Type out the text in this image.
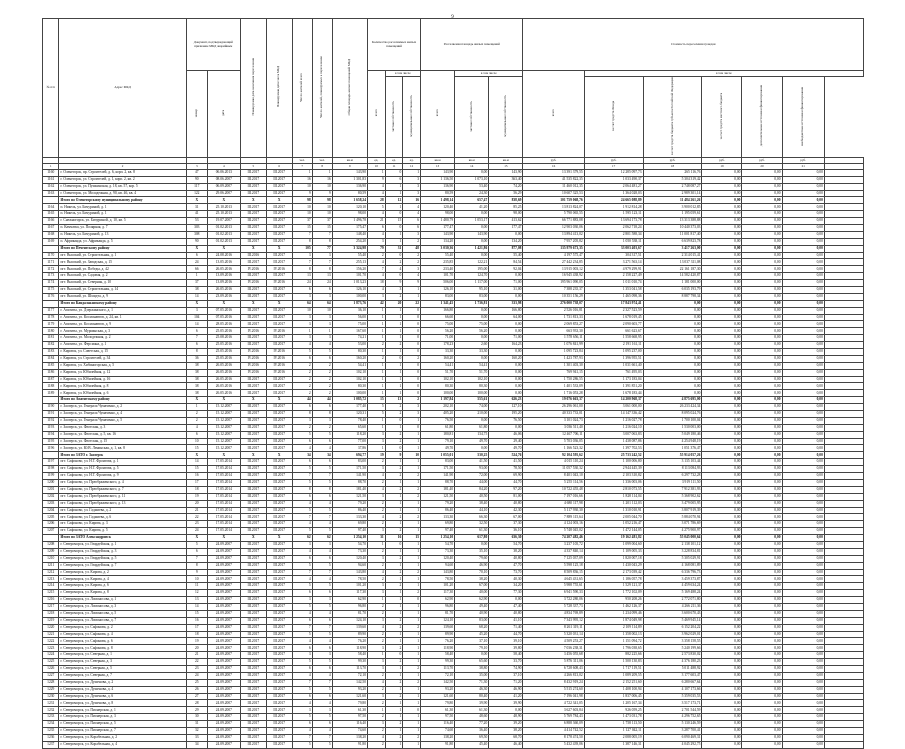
9
№ п/п	Адрес МКД	Документ, подтверждающий признание МКД аварийным		Планируемая дата окончания переселения	Планируемая дата сноса МКД	Число жителей всего	Число жителей, планируемых к переселению	Общая площадь жилых помещений МКД	Количество расселяемых жилых помещений			Расселяемая площадь жилых помещений			Стоимость переселения граждан						

		номер	дата						всего	в том числе		всего	в том числе		всего	в том числе					

										частная собственность	муниципальная собственность		частная собственность	муниципальная собственность		за счет средств Фонда	за счет средств бюджета субъекта Российской Федерации	за счет средств местного бюджета	дополнительные источники финансирования	внебюджетные источники финансирования	
						чел.	чел.	кв.м	ед.	ед.	ед.	кв.м	кв.м	кв.м	руб.	руб.	руб.	руб.	руб.	руб.	
1	2	3	4	5	6	7	8	9	10	11	12	13	14	15	16	17	18	19	20	21	
1160	г. Оленегорск, пр. Строителей, д. 6, корп. 2, кв. 8	47	06.06.2013	III.2017	III.2017	1	1	143,90	1	0	1	143,90	0,00	143,90	13 391 379,55	12 285 097,73	265 116,76	0,00	0,00	0,00	
1161	г. Оленегорск, ул. Строителей, д. 1, корп. 2, кв. 2	90	08.06.2007	III.2017	III.2017	16	16	1 301,83	9	6	3	1 136,50	1 073,10	363,40	41 535 822,35	1 033 490,37	5 304 319,42	0,00	0,00	0,00	
1162	г. Оленегорск, ул. Пушкинская, д. 18, кв. 57, кор. 5	117	06.09.2007	III.2017	III.2017	10	10	136,90	4	1	3	136,90	53,40	74,20	11 460 012,35	2 064 481,27	2 748 087,27	0,00	0,00	0,00	
1163	г. Оленегорск, ул. Молодежная, д. 90, кв. 46, кв. 4	122	29.06.2007	III.2017	III.2017	9	9	80,59	4	1	3	80,59	24,30	56,29	10 607 325,53	1 364 028,03	2 989 301,14	0,00	0,00	0,00	
	Итого по Оленегорскому муниципальному району	X	X	X	X	98	98	1 658,24	28	12	16	1 498,14	657,47	838,69	101 759 068,76	24 665 088,89	11 484 261,26	0,00	0,00	0,00	
1164	п. Никель, ул. Бичуриной, д. 1	31	25.10.2013	III.2017	III.2017	10	10	120,10	5	1	4	120,40	41,20	85,25	13 813 824,07	1 912 814,28	3 900 012,85	0,00	0,00	0,00	
1165	п. Никель, ул. Бичуриной, д. 1	41	25.10.2013	III.2017	III.2017	10	10	98,00	4	0	4	98,00	0,00	98,00	5 790 065,55	1 595 123,11	1 195 059,61	0,00	0,00	0,00	
1166	г. Снежногорск, ул. Бичуриной, д. 10, кв. 5	53	19.07.2007	III.2017	III.2017	37	37	1 496,78	21	15	6	1 480,79	1 053,17	413,62	66 771 883,08	13 694 173,78	13 313 388,88	0,00	0,00	0,00	
1167	п. Камчатка, ул. Полярная, д. 7	303	01.02.2013	III.2017	III.2017	15	15	175,47	6	0	6	177,47	0,00	177,47	12 903 030,06	2 062 718,24	10 440 373,03	0,00	0,00	0,00	
1168	п. Никель, ул. Бичуриной, д. 13	308	01.02.2013	III.2017	III.2017	7	7	148,40	4	1	3	143,90	143,90	0,00	13 894 413,02	2 801 588,34	11 001 817,40	0,00	0,00	0,00	
1169	п. Африканда, ул. Африканда, д. 5	90	01.02.2013	III.2017	III.2017	8	8	254,20	3	1	2	134,20	0,00	134,20	7 957 205,82	1 050 538,11	6 639 823,78	0,00	0,00	0,00	
	Итого по Печенгскому району	X	X	X	X	105	77	3 324,98	79	31	48	3 030,36	1 421,86	877,08	135 979 673,35	33 003 403,67	3 417 263,00	0,00	0,00	0,00	
1170	пгт. Высокий, ул. Строительная, д. 1	6	24.08.2016	III.2016	III.2017	3	3	55,40	2	0	2	55,40	0,00	55,40	4 197 575,47	304 317,51	2 314 015,41	0,00	0,00	0,00	
1171	пгт. Высокий, ул. Заводская, д. 15	24	13.05.2016	III.2017	III.2017	7	7	255,13	4	2	2	235,85	122,21	84,54	27 442 234,85	3 271 563,14	13 037 311,08	0,00	0,00	0,00	
1172	пгт. Высокий, ул. Победы, д. 42	66	26.05.2016	IV.2016	IV.2016	8	8	156,20	7	4	3	233,40	195,00	92,04	13 915 003,12	4 979 299,91	22 161 187,30	0,00	0,00	0,00	
1173	пгт. Высокий, ул. Садовая, д. 2	1	13.09.2016	III.2017	III.2017	13	13	101,70	4	0	4	101,70	124,70	0,00	16 945 438,92	2 158 227,49	14 582 420,87	0,00	0,00	0,00	
1174	пгт. Высокий, ул. Северная, д. 10	37	13.09.2016	IV.2016	IV.2016	24	24	1 013,23	18	9	9	506,00	1 117,00	71,00	195 961 090,05	1 011 010,74	1 181 000,00	0,00	0,00	0,00	
1175	пгт. Высокий, ул. Строительная, д. 14	38	26.05.2016	III.2017	III.2017	6	6	126,10	4	3	1	126,10	95,10	31,00	7 388 235,37	1 353 041,58	6 035 193,79	0,00	0,00	0,00	
1176	пгт. Высокий, ул. Шмидта, д. 9	14	23.09.2016	III.2017	III.2017	3	3	100,00	3	2	1	83,00	83,00	0,00	10 351 156,29	1 465 098,36	8 887 798,34	0,00	0,00	0,00	
	Итого по Кандалакшскому району	X	X	X	X	64	64	1 873,76	42	20	22	1 341,45	1 736,81	333,98	276 000 738,07	17 843 974,41	0,00	0,00	0,00	0,00	
1177	г. Апатиты, ул. Дзержинского, д. 1	3	07.05.2016	III.2017	III.2017	10	10	36,10	1	1	0	166,80	0,00	166,80	2 526 016,81	2 327 523,59	0,00	0,00	0,00	0,00	
1178	г. Апатиты, ул. Космонавтов, д. 24, кв. 1	104	07.05.2016	III.2017	III.2017	3	3	56,00	1	1	0	66,60	0,00	64,00	1 731 813,33	1 678 019,45	0,00	0,00	0,00	0,00	
1179	г. Апатиты, ул. Космонавтов, д. 9	14	28.05.2016	III.2017	III.2017	3	3	75,00	1	1	0	75,00	75,00	0,00	2 069 853,27	2 090 603,77	0,00	0,00	0,00	0,00	
1180	г. Апатиты, ул. Мурманская, д. 3	6	25.05.2016	IV.2016	IV.2016	1	1	167,60	1	1	0	56,20	56,20	0,00	663 933,30	661 623,67	0,00	0,00	0,00	0,00	
1181	г. Апатиты, ул. Молодежная, д. 2	7	25.08.2016	III.2017	III.2017	3	3	74,21	1	1	0	71,00	0,00	71,00	1 578 656,11	1 558 668,95	0,00	0,00	0,00	0,00	
1182	г. Апатиты, ул. Ферсмана, д. 1	6	25.05.2016	III.2017	III.2017	4	4	53,00	2	2	0	178,23	2,60	164,23	1 076 841,99	2 191 161,11	0,00	0,00	0,00	0,00	
1183	г. Кировск, ул. Советская, д. 15	8	25.05.2016	IV.2016	IV.2016	5	5	80,30	1	1	0	33,30	33,30	0,00	1 095 723,84	1 095 237,00	0,00	0,00	0,00	0,00	
1184	г. Кировск, ул. Строителей, д. 34	36	25.05.2016	IV.2016	IV.2016	6	6	160,20	2	0	2	160,20	0,00	160,20	1 423 787,93	1 396 955,51	0,00	0,00	0,00	0,00	
1185	г. Кировск, ул. Хибиногорская, д. 5	38	26.05.2016	IV.2016	IV.2016	2	2	54,41	1	1	0	54,41	54,41	0,00	1 301 403,30	1 031 661,40	0,00	0,00	0,00	0,00	
1186	г. Кировск, ул. Юбилейная, д. 12	38	26.05.2016	IV.2016	IV.2016	2	2	102,10	1	1	0	51,70	51,70	0,00	769 941,15	761 495,03	0,00	0,00	0,00	0,00	
1187	г. Кировск, ул. Юбилейная, д. 16	38	26.05.2016	III.2017	III.2017	2	2	102,10	1	1	0	102,10	102,10	0,00	1 750 286,55	1 173 183,04	0,00	0,00	0,00	0,00	
1188	г. Кировск, ул. Юбилейная, д. 8	38	26.05.2016	III.2017	III.2017	2	2	80,30	1	1	0	80,30	80,30	0,00	1 401 533,09	1 391 851,20	0,00	0,00	0,00	0,00	
1189	г. Кировск, ул. Юбилейная, д. 6	38	26.05.2016	III.2017	III.2017	2	2	100,00	1	1	0	100,00	100,00	0,00	1 716 053,28	1 678 183,44	0,00	0,00	0,00	0,00	
	Итого по Апатитскому району	X	X	X	X	44	44	1 085,72	15	13	2	1 197,84	555,61	626,23	19 076 663,37	14 200 968,37	4 875 695,00	0,00	0,00	0,00	
1190	г. Заозерск, ул. Генерала Чумаченко, д. 2	1	15.12.2007	III.2017	III.2017	6	6	177,40	5	2	3	202,10	74,00	127,10	26 296 061,00	3 061 000,00	26 233 424,34	0,00	0,00	0,00	
1191	г. Заозерск, ул. Генерала Чумаченко, д. 4	2	15.12.2007	III.2017	III.2017	8	8	120,31	5	2	3	405,20	210,00	195,20	40 333 733,01	14 147 336,42	8 095 024,76	0,00	0,00	0,00	
1192	г. Заозерск, ул. Генерала Чумаченко, д. 5	2	15.12.2007	III.2017	III.2017	3	3	78,40	1	0	1	76,50	0,00	76,50	3 101 024,73	1 216 027,78	1 700 100,04	0,00	0,00	0,00	
1193	г. Заозерск, ул. Флотская, д. 3	4	15.12.2007	III.2017	III.2017	2	2	65,60	1	1	0	61,80	61,80	0,00	3 036 511,40	1 216 024,10	1 530 003,00	0,00	0,00	0,00	
1194	г. Заозерск, ул. Флотская, д. 5, кв. 16	6	15.12.2007	III.2017	III.2017	5	5	118,20	3	2	1	180,81	134,75	46,06	12 467 706,11	3 007 063,83	5 049 180,46	0,00	0,00	0,00	
1195	г. Заозерск, ул. Флотская, д. 15	10	15.12.2007	III.2017	III.2017	6	6	77,00	3	2	1	79,10	49,70	29,40	5 703 036,05	1 438 087,86	4 254 948,19	0,00	0,00	0,00	
1196	г. Заозерск, ул. Ю.В. Ленинская, д. 1, кв. 8	15	15.12.2007	III.2017	III.2017	4	4	37,86	1	0	1	49,70	0,00	49,70	1 166 523,32	1 397 702,53	1 051 376,47	0,00	0,00	0,00	
	Итого по ЗАТО г. Заозерск	X	X	X	X	34	34	694,77	19	9	10	1 055,01	530,25	524,76	92 104 595,62	25 733 242,52	55 914 057,26	0,00	0,00	0,00	
1197	пгт. Сафоново, ул. Н.Т. Фронтова, д. 1	14	17.05.2014	III.2017	III.2017	6	6	83,00	2	1	1	83,00	41,50	41,50	4 015 110,24	1 100 006,80	3 135 103,44	0,00	0,00	0,00	
1198	пгт. Сафоново, ул. Н.Т. Фронтова, д. 5	15	17.05.2014	III.2017	III.2017	5	5	171,50	3	2	1	171,50	93,00	78,50	11 057 530,32	2 944 445,39	8 113 084,93	0,00	0,00	0,00	
1199	пгт. Сафоново, ул. Н.Т. Фронтова, д. 9	16	17.05.2014	III.2017	III.2017	7	7	141,90	4	2	2	141,90	72,00	69,90	8 401 043,10	2 103 310,82	6 297 732,28	0,00	0,00	0,00	
1200	пгт. Сафоново, ул. Преображенского, д. 4	17	17.05.2014	III.2017	III.2017	5	5	88,70	2	1	1	88,70	44,00	44,70	5 255 114,56	1 336 003,06	3 919 111,50	0,00	0,00	0,00	
1201	пгт. Сафоново, ул. Преображенского, д. 7	18	17.05.2014	III.2017	III.2017	8	8	181,40	4	2	2	181,40	84,20	97,20	10 722 455,48	2 810 073,55	7 912 381,93	0,00	0,00	0,00	
1202	пгт. Сафоново, ул. Преображенского, д. 11	19	17.05.2014	III.2017	III.2017	6	6	121,50	3	1	2	121,50	40,50	81,00	7 197 016,66	1 828 114,04	5 368 902,62	0,00	0,00	0,00	
1203	пгт. Сафоново, ул. Преображенского, д. 13	20	17.05.2014	III.2017	III.2017	4	4	79,20	2	1	1	79,20	38,40	40,80	4 680 117,98	1 201 112,03	3 479 005,95	0,00	0,00	0,00	
1204	пгт. Сафоново, ул. Гаджиева, д. 2	21	17.05.2014	III.2017	III.2017	5	5	86,40	2	1	1	86,40	44,10	42,30	5 117 930,30	1 310 010,91	3 807 919,39	0,00	0,00	0,00	
1205	пгт. Сафоново, ул. Гаджиева, д. 6	22	17.05.2014	III.2017	III.2017	7	7	133,30	4	2	2	133,30	66,30	67,00	7 889 115,64	2 005 044,70	5 884 070,94	0,00	0,00	0,00	
1206	пгт. Сафоново, ул. Кирова, д. 3	23	17.05.2014	III.2017	III.2017	4	4	69,80	2	1	1	69,80	32,50	37,30	4 124 003,16	1 052 216,47	3 071 786,69	0,00	0,00	0,00	
1207	пгт. Сафоново, ул. Кирова, д. 5	24	17.05.2014	III.2017	III.2017	5	5	97,40	3	2	1	97,40	61,30	36,10	5 748 045,02	1 472 144,05	4 275 900,97	0,00	0,00	0,00	
	Итого по ЗАТО Александровск	X	X	X	X	62	62	1 254,10	31	16	15	1 254,10	617,80	636,30	74 207 482,46	19 162 481,82	55 045 000,64	0,00	0,00	0,00	
1208	г. Североморск, ул. Гвардейская, д. 1	5	24.09.2007	III.2017	III.2017	3	3	54,70	1	0	1	54,70	0,00	54,70	3 237 105,72	1 099 004,60	2 138 101,12	0,00	0,00	0,00	
1209	г. Североморск, ул. Гвардейская, д. 3	6	24.09.2007	III.2017	III.2017	4	4	73,30	2	1	1	73,30	35,10	38,20	4 337 840,14	1 109 005,33	3 228 834,81	0,00	0,00	0,00	
1210	г. Североморск, ул. Гвардейская, д. 5	7	24.09.2007	III.2017	III.2017	6	6	120,40	3	2	1	120,40	79,60	40,80	7 125 037,09	1 820 007,18	5 305 029,91	0,00	0,00	0,00	
1211	г. Североморск, ул. Гвардейская, д. 7	8	24.09.2007	III.2017	III.2017	5	5	94,60	2	1	1	94,60	46,90	47,70	5 598 125,18	1 430 043,29	4 168 081,89	0,00	0,00	0,00	
1212	г. Североморск, ул. Кирова, д. 2	9	24.09.2007	III.2017	III.2017	7	7	143,80	4	2	2	143,80	70,10	73,70	8 509 836,15	2 173 039,42	6 336 796,73	0,00	0,00	0,00	
1213	г. Североморск, ул. Кирова, д. 4	10	24.09.2007	III.2017	III.2017	4	4	78,50	2	1	1	78,50	38,20	40,30	4 645 431,65	1 186 057,78	3 459 373,87	0,00	0,00	0,00	
1214	г. Североморск, ул. Кирова, д. 6	11	24.09.2007	III.2017	III.2017	5	5	101,20	3	2	1	101,20	67,00	34,20	5 988 755,61	1 529 121,37	4 459 634,24	0,00	0,00	0,00	
1215	г. Североморск, ул. Кирова, д. 8	12	24.09.2007	III.2017	III.2017	6	6	117,30	3	1	2	117,30	40,00	77,30	6 941 590,33	1 772 102,09	5 169 488,24	0,00	0,00	0,00	
1216	г. Североморск, ул. Ломоносова, д. 1	13	24.09.2007	III.2017	III.2017	3	3	62,90	1	1	0	62,90	62,90	0,00	3 722 280,06	950 208,26	2 772 071,80	0,00	0,00	0,00	
1217	г. Североморск, ул. Ломоносова, д. 3	14	24.09.2007	III.2017	III.2017	5	5	96,80	2	1	1	96,80	49,40	47,40	5 728 337,73	1 462 126,37	4 266 211,36	0,00	0,00	0,00	
1218	г. Североморск, ул. Ломоносова, д. 5	15	24.09.2007	III.2017	III.2017	4	4	81,70	2	1	1	81,70	40,90	40,80	4 834 769,89	1 234 099,46	3 600 670,43	0,00	0,00	0,00	
1219	г. Североморск, ул. Ломоносова, д. 7	16	24.09.2007	III.2017	III.2017	6	6	124,10	3	2	1	124,10	83,00	41,10	7 343 995,12	1 874 049,98	5 469 945,14	0,00	0,00	0,00	
1220	г. Североморск, ул. Сафонова, д. 2	17	24.09.2007	III.2017	III.2017	7	7	139,60	4	2	2	139,60	68,20	71,40	8 261 319,11	2 109 114,89	6 152 204,22	0,00	0,00	0,00	
1221	г. Североморск, ул. Сафонова, д. 4	18	24.09.2007	III.2017	III.2017	5	5	89,90	2	1	1	89,90	45,20	44,70	5 320 031,14	1 358 002,13	3 962 029,01	0,00	0,00	0,00	
1222	г. Североморск, ул. Сафонова, д. 6	19	24.09.2007	III.2017	III.2017	4	4	76,20	2	1	1	76,20	37,10	39,10	4 509 253,27	1 151 094,72	3 358 158,55	0,00	0,00	0,00	
1223	г. Североморск, ул. Сафонова, д. 8	20	24.09.2007	III.2017	III.2017	6	6	118,90	3	2	1	118,90	79,10	39,80	7 036 238,31	1 796 038,65	5 240 199,66	0,00	0,00	0,00	
1224	г. Североморск, ул. Северная, д. 1	21	24.09.2007	III.2017	III.2017	3	3	58,40	1	0	1	58,40	0,00	58,40	3 456 055,68	882 225,66	2 573 830,02	0,00	0,00	0,00	
1225	г. Североморск, ул. Северная, д. 3	22	24.09.2007	III.2017	III.2017	5	5	99,30	3	2	1	99,30	65,60	33,70	5 876 311,06	1 500 130,83	4 376 180,23	0,00	0,00	0,00	
1226	г. Североморск, ул. Северная, д. 5	23	24.09.2007	III.2017	III.2017	6	6	113,70	3	1	2	113,70	38,80	74,90	6 728 608,43	1 717 119,51	5 011 488,92	0,00	0,00	0,00	
1227	г. Североморск, ул. Северная, д. 7	24	24.09.2007	III.2017	III.2017	4	4	72,10	2	1	1	72,10	35,00	37,10	4 266 813,02	1 089 209,55	3 177 603,47	0,00	0,00	0,00	
1228	г. Североморск, ул. Душенова, д. 2	25	24.09.2007	III.2017	III.2017	7	7	142,50	4	2	2	142,50	71,30	71,20	8 432 919,24	2 152 251,60	6 280 667,64	0,00	0,00	0,00	
1229	г. Североморск, ул. Душенова, д. 4	26	24.09.2007	III.2017	III.2017	5	5	93,20	2	1	1	93,20	46,30	46,90	5 515 274,60	1 408 100,94	4 107 173,66	0,00	0,00	0,00	
1230	г. Североморск, ул. Душенова, д. 6	27	24.09.2007	III.2017	III.2017	6	6	121,60	3	2	1	121,60	80,40	41,20	7 196 041,98	1 837 006,45	5 359 035,53	0,00	0,00	0,00	
1231	г. Североморск, ул. Душенова, д. 8	28	24.09.2007	III.2017	III.2017	4	4	79,80	2	1	1	79,80	39,90	39,90	4 722 341,05	1 205 167,34	3 517 173,71	0,00	0,00	0,00	
1232	г. Североморск, ул. Пионерская, д. 1	29	24.09.2007	III.2017	III.2017	3	3	61,30	1	1	0	61,30	61,30	0,00	3 627 603,84	926 059,25	2 701 544,59	0,00	0,00	0,00	
1233	г. Североморск, ул. Пионерская, д. 3	30	24.09.2007	III.2017	III.2017	5	5	97,50	2	1	1	97,50	48,60	48,90	5 769 784,43	1 473 031,78	4 296 752,65	0,00	0,00	0,00	
1234	г. Североморск, ул. Пионерская, д. 5	31	24.09.2007	III.2017	III.2017	6	6	116,40	3	2	1	116,40	77,20	39,20	6 888 360,09	1 758 113,50	5 130 246,59	0,00	0,00	0,00	
1235	г. Североморск, ул. Пионерская, д. 7	32	24.09.2007	III.2017	III.2017	4	4	74,60	2	1	1	74,60	36,40	38,20	4 414 742,52	1 127 042,11	3 287 700,41	0,00	0,00	0,00	
1236	г. Североморск, ул. Корабельная, д. 2	33	24.09.2007	III.2017	III.2017	7	7	138,20	4	2	2	138,20	69,50	68,70	8 178 474,50	2 088 005,19	6 090 469,31	0,00	0,00	0,00	
1237	г. Североморск, ул. Корабельная, д. 4	34	24.09.2007	III.2017	III.2017	5	5	91,80	2	1	1	91,80	45,40	46,40	5 432 439,06	1 387 146,31	4 045 292,75	0,00	0,00	0,00	
